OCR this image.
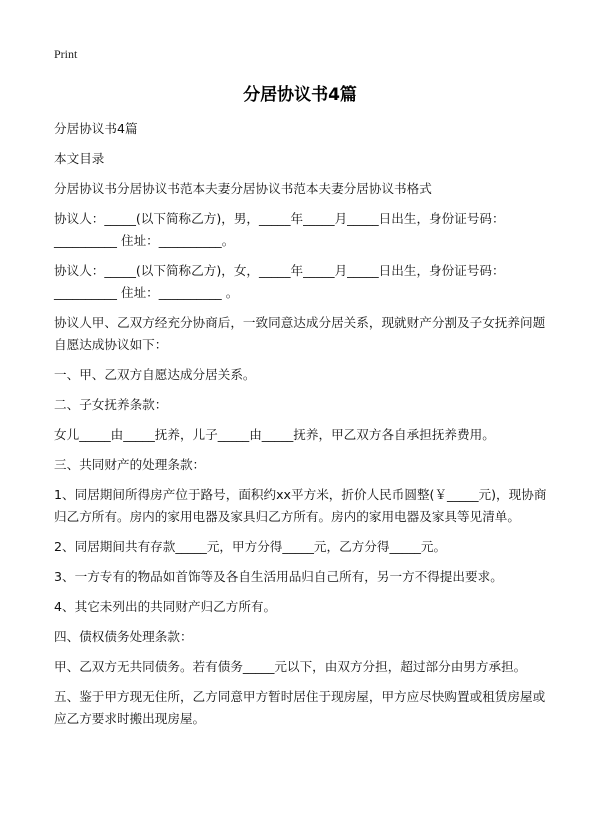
Print
分居协议书4篇

分居协议书4篇

本文目录

分居协议书分居协议书范本夫妻分居协议书范本夫妻分居协议书格式

协议人：_____(以下简称乙方)，男，_____年_____月_____日出生，身份证号码：__________ 住址：__________。

协议人：_____(以下简称乙方)，女，_____年_____月_____日出生，身份证号码：__________ 住址：__________ 。

协议人甲、乙双方经充分协商后，一致同意达成分居关系，现就财产分割及子女抚养问题自愿达成协议如下：

一、甲、乙双方自愿达成分居关系。

二、子女抚养条款：

女儿_____由_____抚养，儿子_____由_____抚养，甲乙双方各自承担抚养费用。

三、共同财产的处理条款：

1、同居期间所得房产位于路号，面积约xx平方米，折价人民币圆整(￥_____元)，现协商归乙方所有。房内的家用电器及家具归乙方所有。房内的家用电器及家具等见清单。

2、同居期间共有存款_____元，甲方分得_____元，乙方分得_____元。

3、一方专有的物品如首饰等及各自生活用品归自己所有，另一方不得提出要求。

4、其它未列出的共同财产归乙方所有。

四、债权债务处理条款：

甲、乙双方无共同债务。若有债务_____元以下，由双方分担，超过部分由男方承担。

五、鉴于甲方现无住所，乙方同意甲方暂时居住于现房屋，甲方应尽快购置或租赁房屋或应乙方要求时搬出现房屋。
